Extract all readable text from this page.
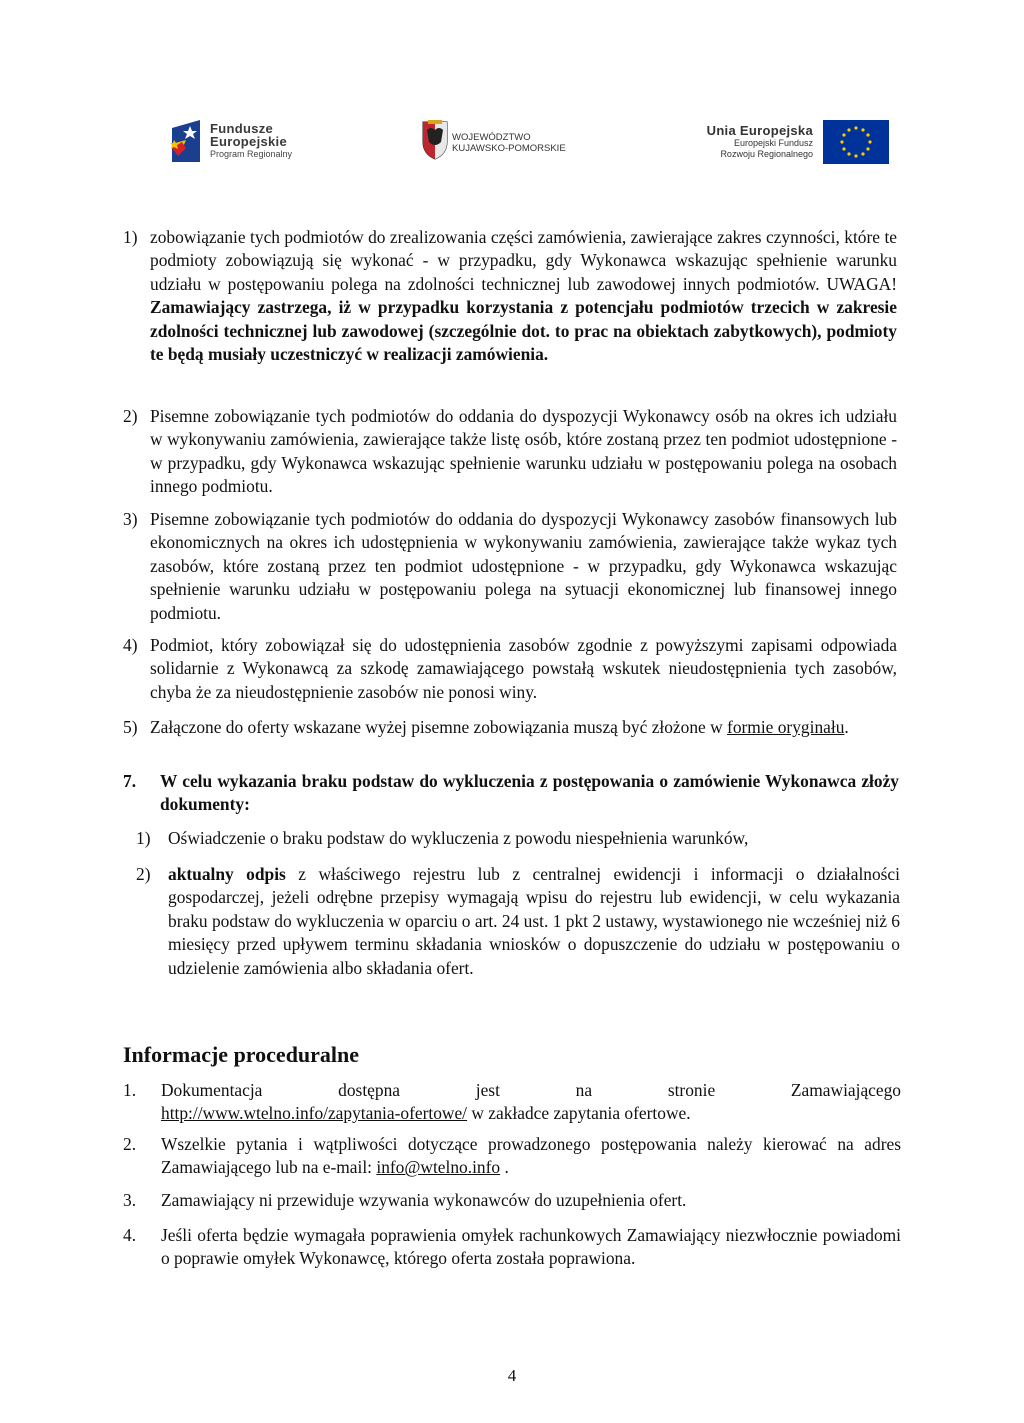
Fundusze
Europejskie
Program Regionalny
WOJEWÓDZTWO
KUJAWSKO-POMORSKIE
Unia Europejska
Europejski Fundusz
Rozwoju Regionalnego
1) zobowiązanie tych podmiotów do zrealizowania części zamówienia, zawierające zakres czynności, które te podmioty zobowiązują się wykonać - w przypadku, gdy Wykonawca wskazując spełnienie warunku udziału w postępowaniu polega na zdolności technicznej lub zawodowej innych podmiotów. UWAGA! Zamawiający zastrzega, iż w przypadku korzystania z potencjału podmiotów trzecich w zakresie zdolności technicznej lub zawodowej (szczególnie dot. to prac na obiektach zabytkowych), podmioty te będą musiały uczestniczyć w realizacji zamówienia.
2) Pisemne zobowiązanie tych podmiotów do oddania do dyspozycji Wykonawcy osób na okres ich udziału w wykonywaniu zamówienia, zawierające także listę osób, które zostaną przez ten podmiot udostępnione - w przypadku, gdy Wykonawca wskazując spełnienie warunku udziału w postępowaniu polega na osobach innego podmiotu.
3) Pisemne zobowiązanie tych podmiotów do oddania do dyspozycji Wykonawcy zasobów finansowych lub ekonomicznych na okres ich udostępnienia w wykonywaniu zamówienia, zawierające także wykaz tych zasobów, które zostaną przez ten podmiot udostępnione - w przypadku, gdy Wykonawca wskazując spełnienie warunku udziału w postępowaniu polega na sytuacji ekonomicznej lub finansowej innego podmiotu.
4) Podmiot, który zobowiązał się do udostępnienia zasobów zgodnie z powyższymi zapisami odpowiada solidarnie z Wykonawcą za szkodę zamawiającego powstałą wskutek nieudostępnienia tych zasobów, chyba że za nieudostępnienie zasobów nie ponosi winy.
5) Załączone do oferty wskazane wyżej pisemne zobowiązania muszą być złożone w formie oryginału.
7. W celu wykazania braku podstaw do wykluczenia z postępowania o zamówienie Wykonawca złoży dokumenty:
1) Oświadczenie o braku podstaw do wykluczenia z powodu niespełnienia warunków,
2) aktualny odpis z właściwego rejestru lub z centralnej ewidencji i informacji o działalności gospodarczej, jeżeli odrębne przepisy wymagają wpisu do rejestru lub ewidencji, w celu wykazania braku podstaw do wykluczenia w oparciu o art. 24 ust. 1 pkt 2 ustawy, wystawionego nie wcześniej niż 6 miesięcy przed upływem terminu składania wniosków o dopuszczenie do udziału w postępowaniu o udzielenie zamówienia albo składania ofert.
Informacje proceduralne
1. Dokumentacja dostępna jest na stronie Zamawiającego
http://www.wtelno.info/zapytania-ofertowe/ w zakładce zapytania ofertowe.
2. Wszelkie pytania i wątpliwości dotyczące prowadzonego postępowania należy kierować na adres Zamawiającego lub na e-mail: info@wtelno.info .
3. Zamawiający ni przewiduje wzywania wykonawców do uzupełnienia ofert.
4. Jeśli oferta będzie wymagała poprawienia omyłek rachunkowych Zamawiający niezwłocznie powiadomi o poprawie omyłek Wykonawcę, którego oferta została poprawiona.
4
